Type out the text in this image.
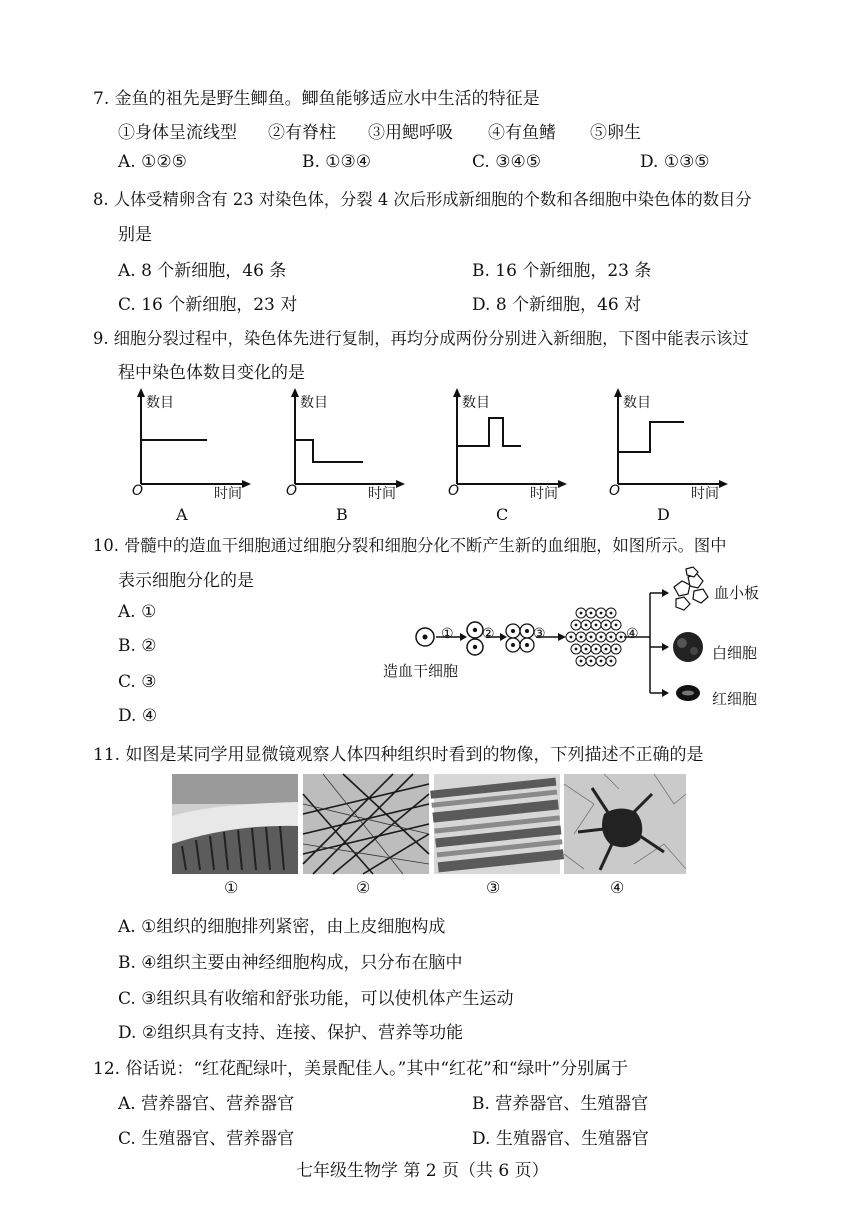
7. 金鱼的祖先是野生鲫鱼。鲫鱼能够适应水中生活的特征是
①身体呈流线型 ②有脊柱 ③用鳃呼吸 ④有鱼鳍 ⑤卵生
A. ①②⑤	B. ①③④	C. ③④⑤	D. ①③⑤
8. 人体受精卵含有 23 对染色体，分裂 4 次后形成新细胞的个数和各细胞中染色体的数目分
别是
A. 8 个新细胞，46 条	B. 16 个新细胞，23 条
C. 16 个新细胞，23 对	D. 8 个新细胞，46 对
9. 细胞分裂过程中，染色体先进行复制，再均分成两份分别进入新细胞，下图中能表示该过
程中染色体数目变化的是
数目
时间
O
A
数目
时间
O
B
数目
时间
O
C
数目
时间
O
D
10. 骨髓中的造血干细胞通过细胞分裂和细胞分化不断产生新的血细胞，如图所示。图中
表示细胞分化的是
A. ①
B. ②
C. ③
D. ④
① ②	③	④
造血干细胞
血小板
白细胞
红细胞
11. 如图是某同学用显微镜观察人体四种组织时看到的物像，下列描述不正确的是
①	②	③	④
A. ①组织的细胞排列紧密，由上皮细胞构成
B. ④组织主要由神经细胞构成，只分布在脑中
C. ③组织具有收缩和舒张功能，可以使机体产生运动
D. ②组织具有支持、连接、保护、营养等功能
12. 俗话说：“红花配绿叶，美景配佳人。”其中“红花”和“绿叶”分别属于
A. 营养器官、营养器官	B. 营养器官、生殖器官
C. 生殖器官、营养器官	D. 生殖器官、生殖器官
七年级生物学 第 2 页（共 6 页）
